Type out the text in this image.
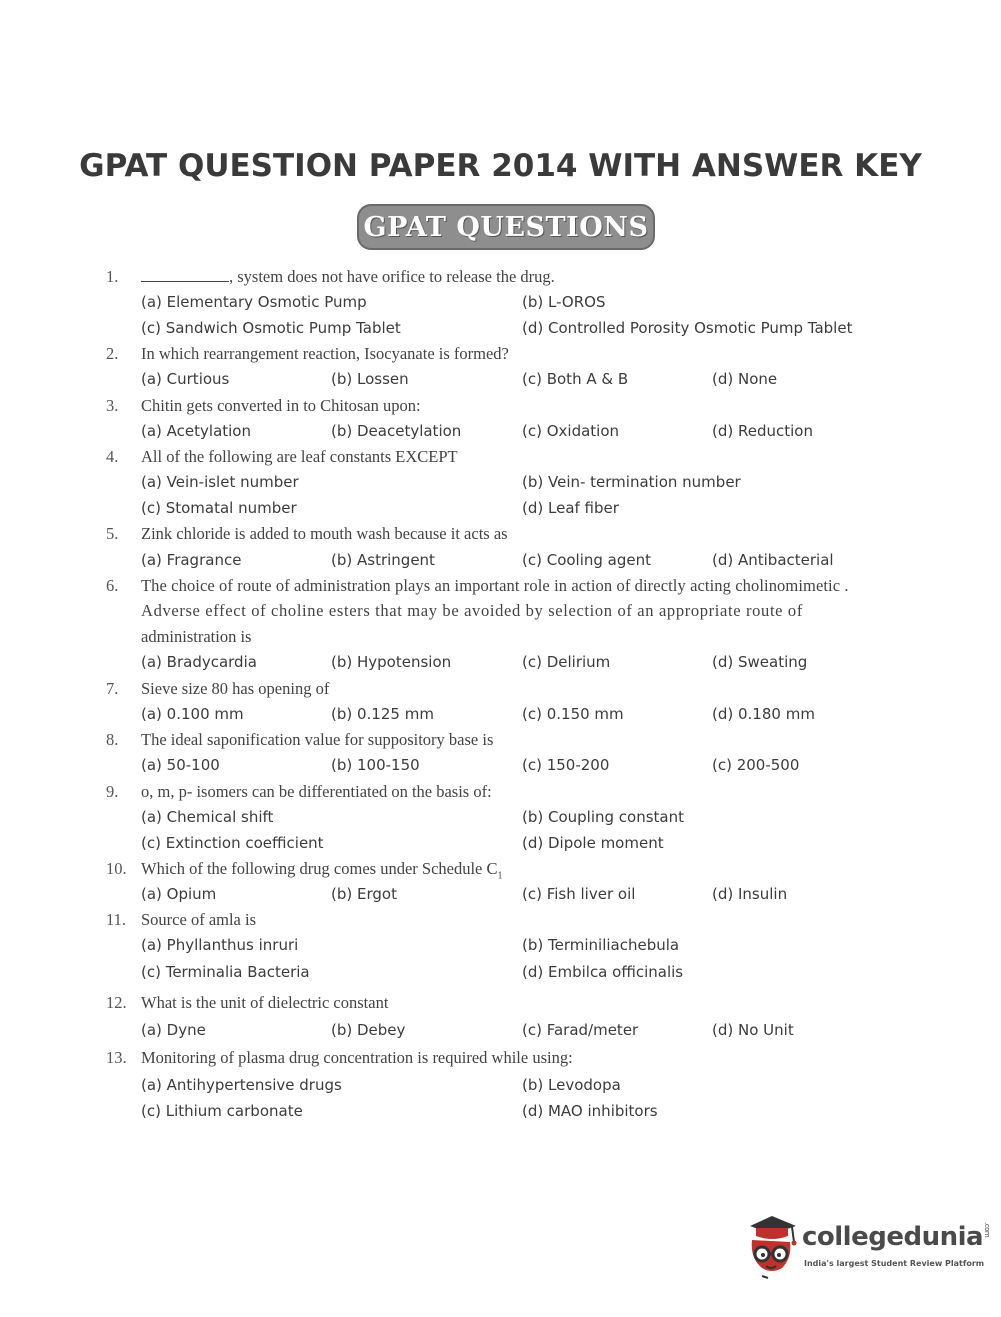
GPAT QUESTION PAPER 2014 WITH ANSWER KEY
GPAT QUESTIONS
1.	, system does not have orifice to release the drug.
(a) Elementary Osmotic Pump	(b) L-OROS
(c) Sandwich Osmotic Pump Tablet	(d) Controlled Porosity Osmotic Pump Tablet
2. In which rearrangement reaction, Isocyanate is formed?
(a) Curtious	(b) Lossen	(c) Both A & B	(d) None
3. Chitin gets converted in to Chitosan upon:
(a) Acetylation	(b) Deacetylation	(c) Oxidation	(d) Reduction
4. All of the following are leaf constants EXCEPT
(a) Vein-islet number	(b) Vein- termination number
(c) Stomatal number	(d) Leaf fiber
5. Zink chloride is added to mouth wash because it acts as
(a) Fragrance	(b) Astringent	(c) Cooling agent	(d) Antibacterial
6. The choice of route of administration plays an important role in action of directly acting cholinomimetic .
Adverse effect of choline esters that may be avoided by selection of an appropriate route of
administration is
(a) Bradycardia	(b) Hypotension	(c) Delirium	(d) Sweating
7. Sieve size 80 has opening of
(a) 0.100 mm	(b) 0.125 mm	(c) 0.150 mm	(d) 0.180 mm
8. The ideal saponification value for suppository base is
(a) 50-100	(b) 100-150	(c) 150-200	(c) 200-500
9. o, m, p- isomers can be differentiated on the basis of:
(a) Chemical shift	(b) Coupling constant
(c) Extinction coefficient	(d) Dipole moment
10. Which of the following drug comes under Schedule $C_1$
(a) Opium	(b) Ergot	(c) Fish liver oil	(d) Insulin
11. Source of amla is
(a) Phyllanthus inruri	(b) Terminiliachebula
(c) Terminalia Bacteria	(d) Embilca officinalis
12. What is the unit of dielectric constant
(a) Dyne	(b) Debey	(c) Farad/meter	(d) No Unit
13. Monitoring of plasma drug concentration is required while using:
(a) Antihypertensive drugs	(b) Levodopa
(c) Lithium carbonate	(d) MAO inhibitors
collegedunia.com
India's largest Student Review Platform
